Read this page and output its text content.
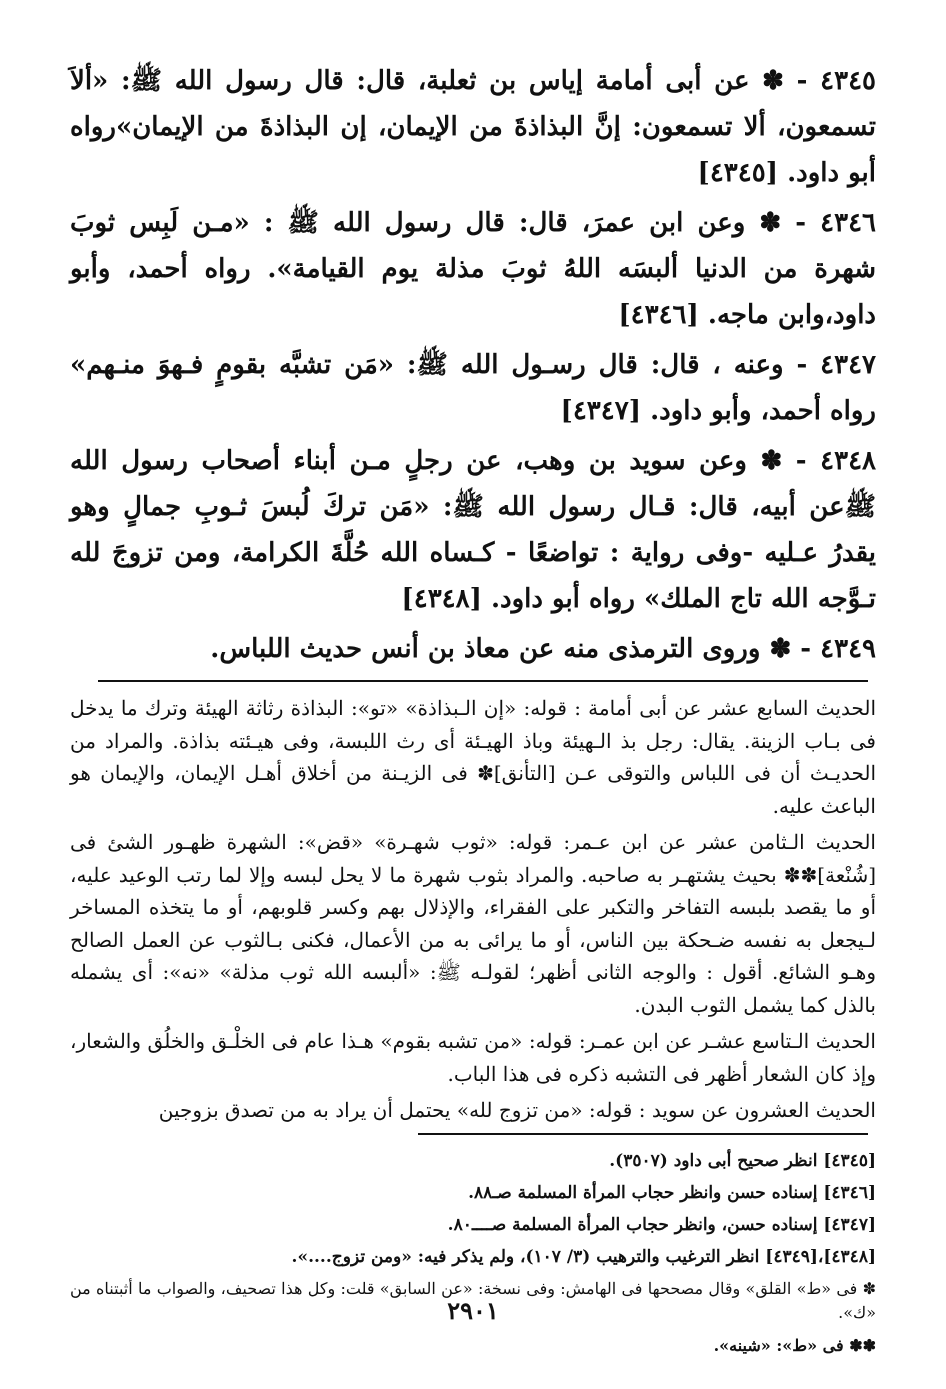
٤٣٤٥ - ✽ عن أبى أمامة إياس بن ثعلبة، قال: قال رسول الله ﷺ: «ألاَ تسمعون، ألا تسمعون: إنَّ البذاذةَ من الإيمان، إن البذاذةَ من الإيمان»رواه أبو داود. [٤٣٤٥]

٤٣٤٦ - ✽ وعن ابن عمرَ، قال: قال رسول الله ﷺ : «مـن لَبِس ثوبَ شهرة من الدنيا ألبسَه اللهُ ثوبَ مذلة يوم القيامة». رواه أحمد، وأبو داود،وابن ماجه. [٤٣٤٦]

٤٣٤٧ - وعنه ، قال: قال رسـول الله ﷺ: «مَن تشبَّه بقومٍ فـهوَ منـهم» رواه أحمد، وأبو داود. [٤٣٤٧]

٤٣٤٨ - ✽ وعن سويد بن وهب، عن رجلٍ مـن أبناء أصحاب رسول الله ﷺعن أبيه، قال: قـال رسول الله ﷺ: «مَن تركَ لُبسَ ثـوبِ جمالٍ وهو يقدرُ عـليه -وفى رواية : تواضعًا - كـساه الله حُلَّةَ الكرامة، ومن تزوجَ لله تـوَّجه الله تاج الملك» رواه أبو داود. [٤٣٤٨]

٤٣٤٩ - ✽ وروى الترمذى منه عن معاذ بن أنس حديث اللباس.

الحديث السابع عشر عن أبى أمامة : قوله: «إن الـبذاذة» «تو»: البذاذة رثاثة الهيئة وترك ما يدخل فى بـاب الزينة. يقال: رجل بذ الـهيئة وباذ الهيـئة أى رث اللبسة، وفى هيـئته بذاذة. والمراد من الحديـث أن فى اللباس والتوقى عـن [التأنق]✽ فى الزيـنة من أخلاق أهـل الإيمان، والإيمان هو الباعث عليه.

الحديث الـثامن عشر عن ابن عـمر: قوله: «ثوب شهـرة» «قض»: الشهرة ظهـور الشئ فى [شُنْعة]✽✽ بحيث يشتهـر به صاحبه. والمراد بثوب شهرة ما لا يحل لبسه وإلا لما رتب الوعيد عليه، أو ما يقصد بلبسه التفاخر والتكبر على الفقراء، والإذلال بهم وكسر قلوبهم، أو ما يتخذه المساخر لـيجعل به نفسه ضـحكة بين الناس، أو ما يرائى به من الأعمال، فكنى بـالثوب عن العمل الصالح وهـو الشائع. أقول : والوجه الثانى أظهر؛ لقولـه ﷺ: «ألبسه الله ثوب مذلة» «نه»: أى يشمله بالذل كما يشمل الثوب البدن.

الحديث الـتاسع عشـر عن ابن عمـر: قوله: «من تشبه بقوم» هـذا عام فى الخلْـق والخلُق والشعار، وإذ كان الشعار أظهر فى التشبه ذكره فى هذا الباب.

الحديث العشرون عن سويد : قوله: «من تزوج لله» يحتمل أن يراد به من تصدق بزوجين

[٤٣٤٥] انظر صحيح أبى داود (٣٥٠٧).

[٤٣٤٦] إسناده حسن وانظر حجاب المرأة المسلمة صـ٨٨.

[٤٣٤٧] إسناده حسن، وانظر حجاب المرأة المسلمة صــــ٨٠.

[٤٣٤٨]،[٤٣٤٩] انظر الترغيب والترهيب (٣/ ١٠٧)، ولم يذكر فيه: «ومن تزوج....».

✽ فى «ط» القلق» وقال مصححها فى الهامش: وفى نسخة: «عن السابق» قلت: وكل هذا تصحيف، والصواب ما أثبتناه من «ك».

✽✽ فى «ط»: «شينه».

٢٩٠١
